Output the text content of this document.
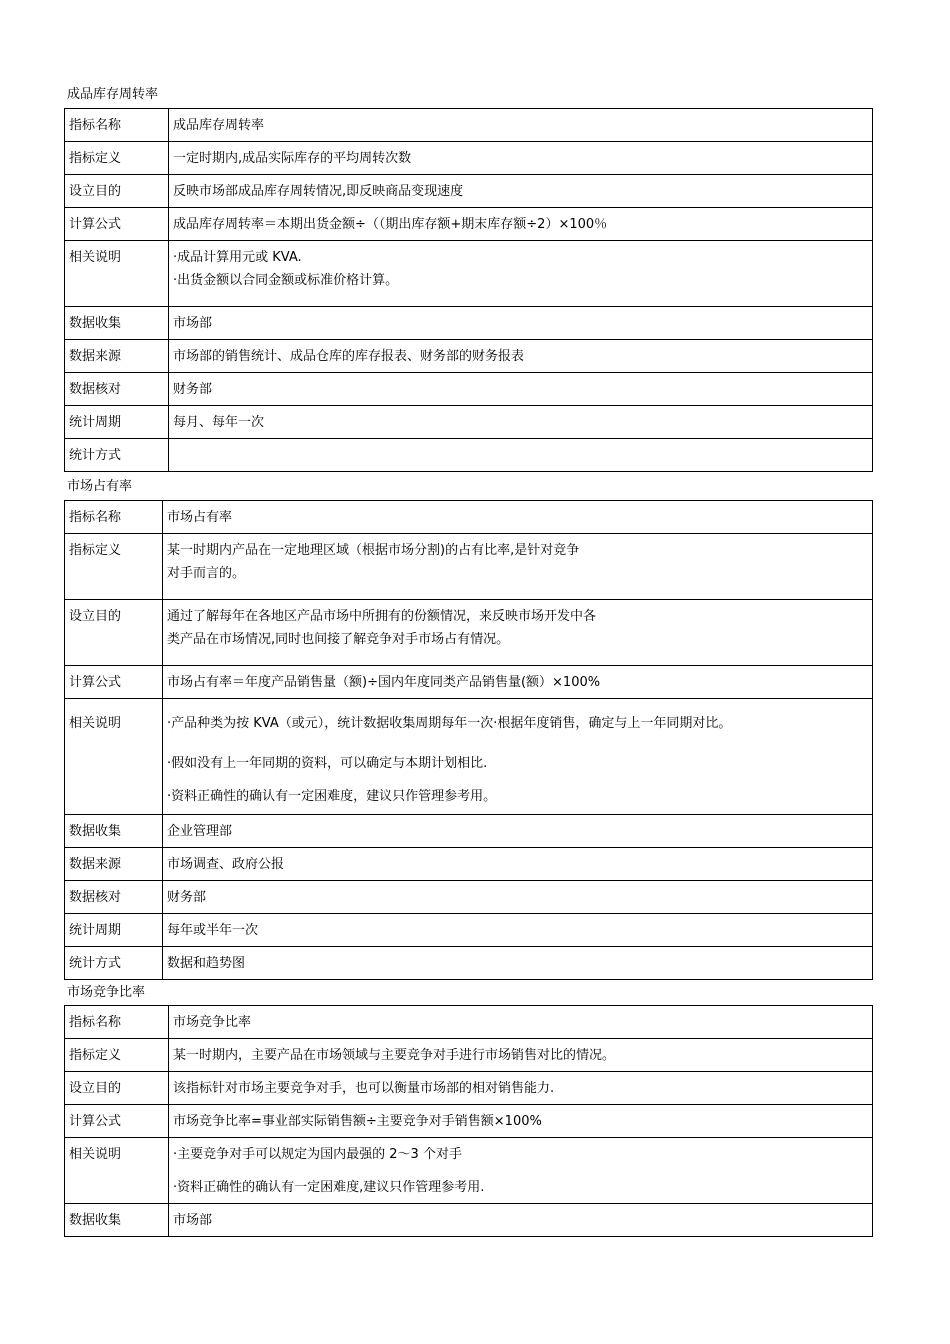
成品库存周转率
指标名称	成品库存周转率

指标定义	一定时期内,成品实际库存的平均周转次数

设立目的	反映市场部成品库存周转情况,即反映商品变现速度

计算公式	成品库存周转率＝本期出货金额÷（（期出库存额+期末库存额÷2）×100％

相关说明	·成品计算用元或 KVA.
·出货金额以合同金额或标准价格计算。

数据收集	市场部

数据来源	市场部的销售统计、成品仓库的库存报表、财务部的财务报表

数据核对	财务部

统计周期	每月、每年一次

统计方式	
市场占有率
指标名称	市场占有率

指标定义	某一时期内产品在一定地理区域（根据市场分割)的占有比率,是针对竞争
对手而言的。

设立目的	通过了解每年在各地区产品市场中所拥有的份额情况，来反映市场开发中各
类产品在市场情况,同时也间接了解竞争对手市场占有情况。

计算公式	市场占有率＝年度产品销售量（额)÷国内年度同类产品销售量(额）×100%

相关说明	·产品种类为按 KVA（或元），统计数据收集周期每年一次·根据年度销售，确定与上一年同期对比。
·假如没有上一年同期的资料，可以确定与本期计划相比.
·资料正确性的确认有一定困难度，建议只作管理参考用。

数据收集	企业管理部

数据来源	市场调查、政府公报

数据核对	财务部

统计周期	每年或半年一次

统计方式	数据和趋势图
市场竞争比率
指标名称	市场竞争比率

指标定义	某一时期内，主要产品在市场领域与主要竞争对手进行市场销售对比的情况。

设立目的	该指标针对市场主要竞争对手，也可以衡量市场部的相对销售能力.

计算公式	市场竞争比率=事业部实际销售额÷主要竞争对手销售额×100%

相关说明	·主要竞争对手可以规定为国内最强的 2～3 个对手
·资料正确性的确认有一定困难度,建议只作管理参考用.

数据收集	市场部
